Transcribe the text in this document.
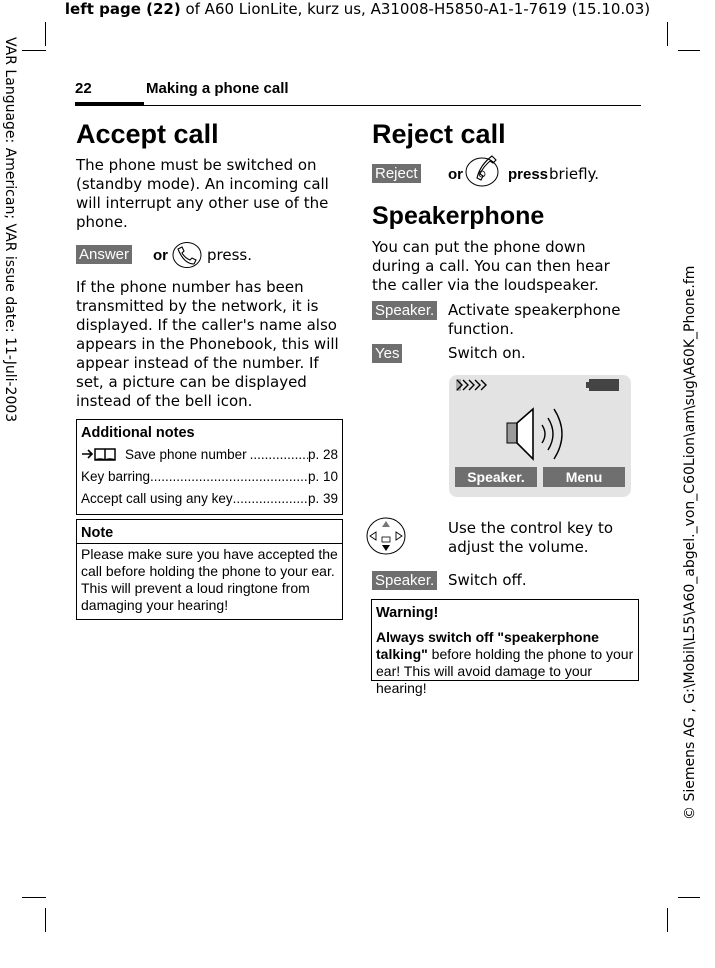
left page (22) of A60 LionLite, kurz us, A31008-H5850-A1-1-7619 (15.10.03)
VAR Language: American; VAR issue date: 11-Juli-2003
© Siemens AG , G:\Mobil\L55\A60_abgel._von_C60Lion\am\sug\A60K_Phone.fm
22	Making a phone call
Accept call
The phone must be switched on (standby mode). An incoming call will interrupt any other use of the phone.
Answer or	press.
If the phone number has been transmitted by the network, it is displayed. If the caller's name also appears in the Phonebook, this will appear instead of the number. If set, a picture can be displayed instead of the bell icon.
Additional notes
Save phone number .....	p. 28
Key barring .....	p. 10
Accept call using any key .....	p. 39
Note
Please make sure you have accepted the call before holding the phone to your ear. This will prevent a loud ringtone from damaging your hearing!
Reject call
Reject or	press briefly.
Speakerphone
You can put the phone down during a call. You can then hear the caller via the loudspeaker.
Speaker. Activate speakerphone function.
Yes	Switch on.
Speaker.	Menu
Use the control key to adjust the volume.
Speaker. Switch off.
Warning!
Always switch off "speakerphone talking" before holding the phone to your ear! This will avoid damage to your hearing!
